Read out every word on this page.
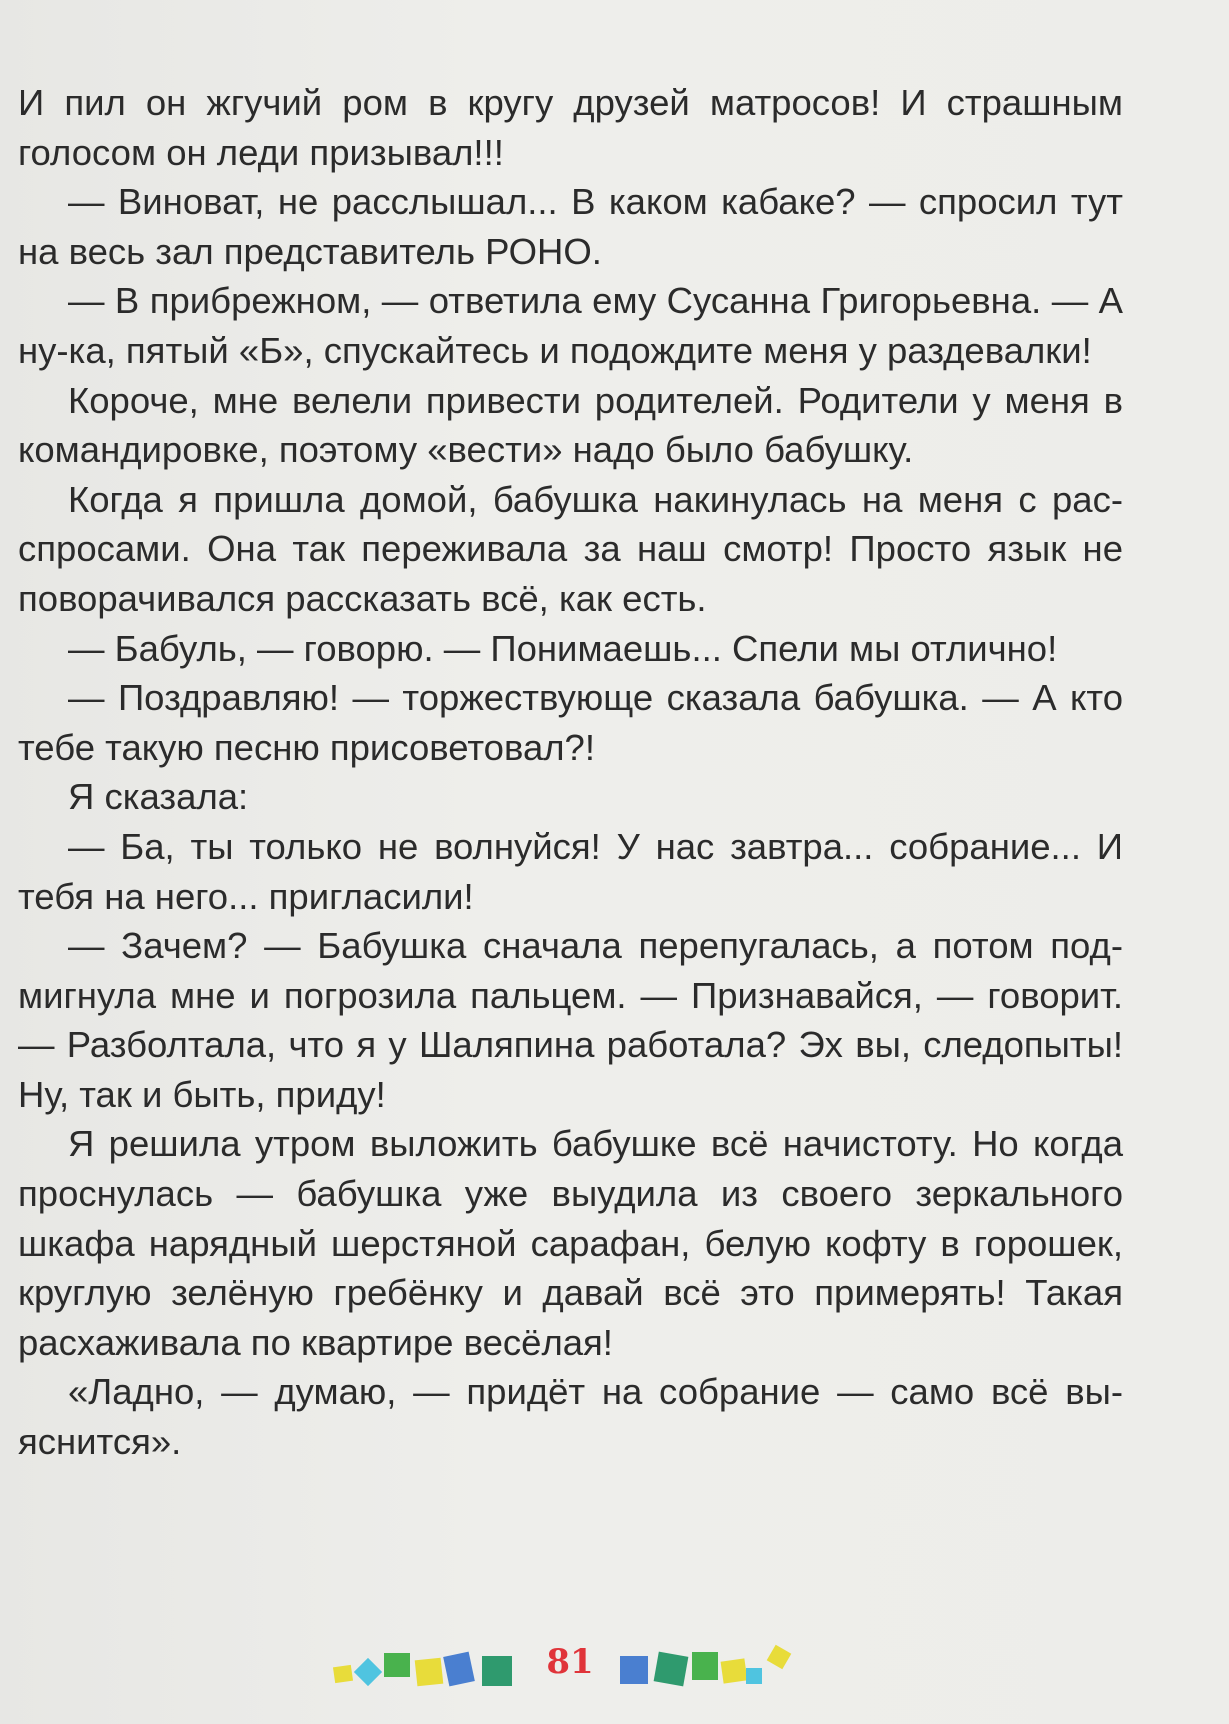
И пил он жгучий ром в кругу друзей матросов! И страшным голосом он леди призывал!!!

— Виноват, не расслышал... В каком кабаке? — спросил тут на весь зал представитель РОНО.

— В прибрежном, — ответила ему Сусанна Григорьевна. — А ну-ка, пятый «Б», спускайтесь и подождите меня у раздевалки!

Короче, мне велели привести родителей. Родители у меня в командировке, поэтому «вести» надо было бабушку.

Когда я пришла домой, бабушка накинулась на меня с расспросами. Она так переживала за наш смотр! Просто язык не поворачивался рассказать всё, как есть.

— Бабуль, — говорю. — Понимаешь... Спели мы отлично!

— Поздравляю! — торжествующе сказала бабушка. — А кто тебе такую песню присоветовал?!

Я сказала:

— Ба, ты только не волнуйся! У нас завтра... собрание... И тебя на него... пригласили!

— Зачем? — Бабушка сначала перепугалась, а потом подмигнула мне и погрозила пальцем. — Признавайся, — говорит. — Разболтала, что я у Шаляпина работала? Эх вы, следопыты! Ну, так и быть, приду!

Я решила утром выложить бабушке всё начистоту. Но когда проснулась — бабушка уже выудила из своего зеркального шкафа нарядный шерстяной сарафан, белую кофту в горошек, круглую зелёную гребёнку и давай всё это примерять! Такая расхаживала по квартире весёлая!

«Ладно, — думаю, — придёт на собрание — само всё выяснится».

81
